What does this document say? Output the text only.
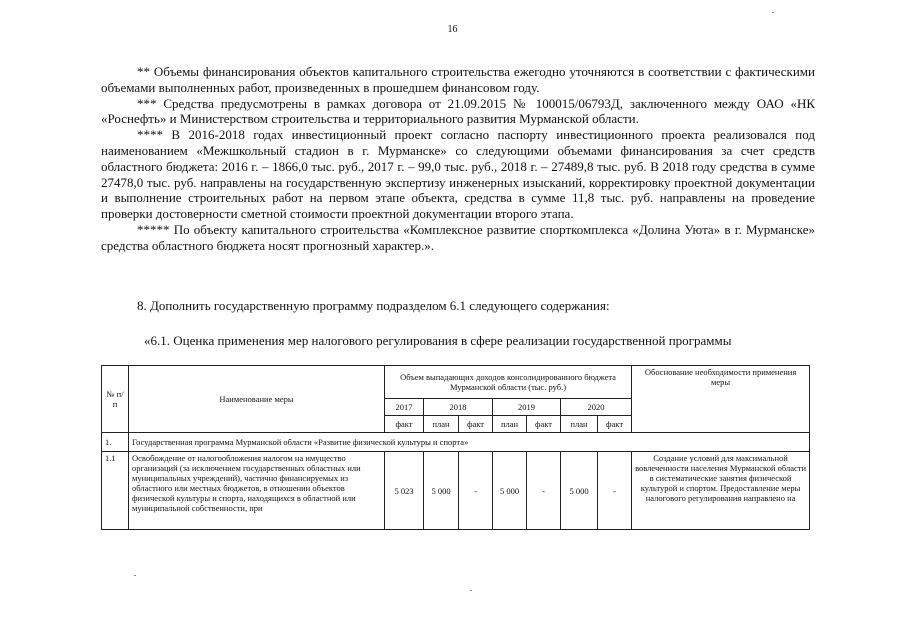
16

** Объемы финансирования объектов капитального строительства ежегодно уточняются в соответствии с фактическими объемами выполненных работ, произведенных в прошедшем финансовом году.

*** Средства предусмотрены в рамках договора от 21.09.2015 № 100015/06793Д, заключенного между ОАО «НК «Роснефть» и Министерством строительства и территориального развития Мурманской области.

**** В 2016-2018 годах инвестиционный проект согласно паспорту инвестиционного проекта реализовался под наименованием «Межшкольный стадион в г. Мурманске» со следующими объемами финансирования за счет средств областного бюджета: 2016 г. – 1866,0 тыс. руб., 2017 г. – 99,0 тыс. руб., 2018 г. – 27489,8 тыс. руб. В 2018 году средства в сумме 27478,0 тыс. руб. направлены на государственную экспертизу инженерных изысканий, корректировку проектной документации и выполнение строительных работ на первом этапе объекта, средства в сумме 11,8 тыс. руб. направлены на проведение проверки достоверности сметной стоимости проектной документации второго этапа.

***** По объекту капитального строительства «Комплексное развитие спорткомплекса «Долина Уюта» в г. Мурманске» средства областного бюджета носят прогнозный характер.».

8. Дополнить государственную программу подразделом 6.1 следующего содержания:
«6.1. Оценка применения мер налогового регулирования в сфере реализации государственной программы
№ п/п	Наименование меры	Объем выпадающих доходов консолидированного бюджета Мурманской области (тыс. руб.)							Обоснование необходимости применения меры
		2017	2018		2019		2020		
		факт	план	факт	план	факт	план	факт	
1.	Государственная программа Мурманской области «Развитие физической культуры и спорта»								
1.1	Освобождение от налогообложения налогом на имущество организаций (за исключением государственных областных или муниципальных учреждений), частично финансируемых из областного или местных бюджетов, в отношении объектов физической культуры и спорта, находящихся в областной или муниципальной собственности, при	5 023	5 000	-	5 000	-	5 000	-	Создание условий для максимальной вовлеченности населения Мурманской области в систематические занятия физической культурой и спортом. Предоставление меры налогового регулирования направлено на
